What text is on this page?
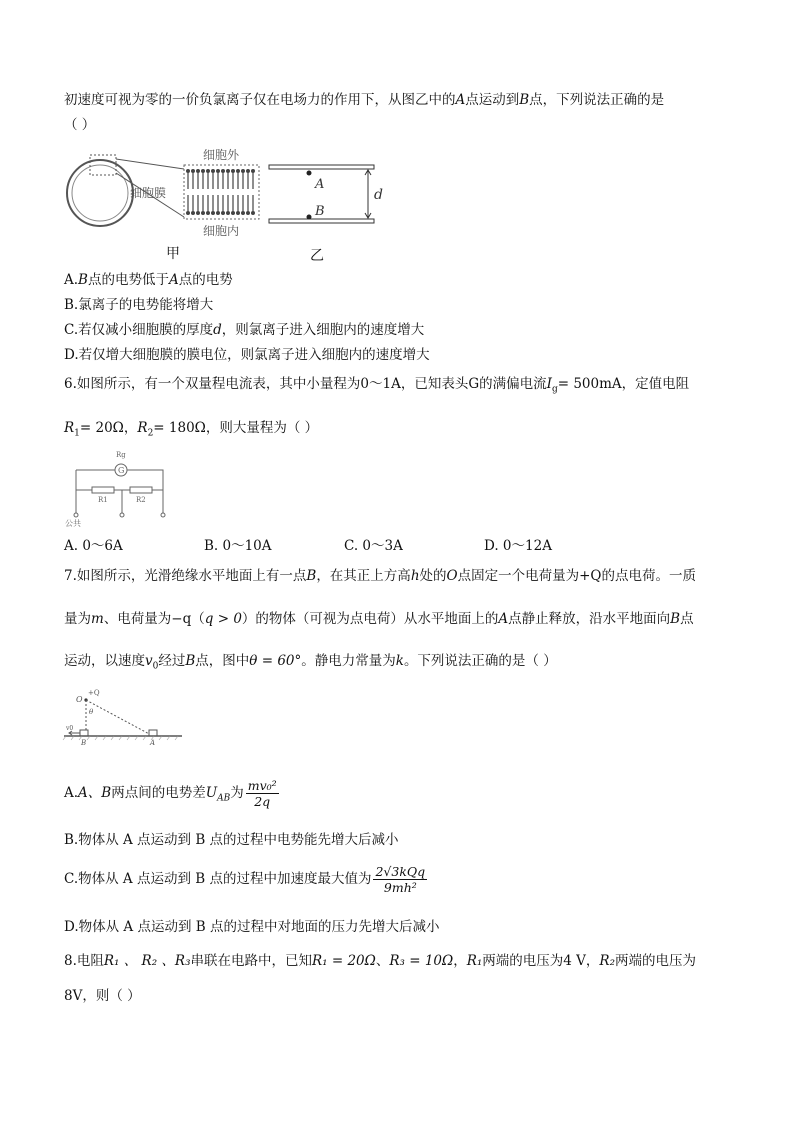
初速度可视为零的一价负氯离子仅在电场力的作用下，从图乙中的A点运动到B点，下列说法正确的是
（ ）
细胞膜
细胞外
细胞内
A
B
d
甲	乙
A.B点的电势低于A点的电势
B.氯离子的电势能将增大
C.若仅减小细胞膜的厚度d，则氯离子进入细胞内的速度增大
D.若仅增大细胞膜的膜电位，则氯离子进入细胞内的速度增大
6.如图所示，有一个双量程电流表，其中小量程为0～1A，已知表头G的满偏电流$I_g= 500mA$，定值电阻
$R_1= 20\Omega$，$R_2= 180\Omega$，则大量程为（ ）
Rg
G
R1	R2
公共
A. 0～6A	B. 0～10A	C. 0～3A	D. 0～12A
7.如图所示，光滑绝缘水平地面上有一点B，在其正上方高h处的O点固定一个电荷量为+Q的点电荷。一质
量为m、电荷量为−q（q > 0）的物体（可视为点电荷）从水平地面上的A点静止释放，沿水平地面向B点
运动，以速度$v_0$经过B点，图中θ = 60°。静电力常量为k。下列说法正确的是（ ）
O
+Q
θ
v0
B	A
A.A、B两点间的电势差$U_{AB}$为 $\frac{\text{mv₀²}}{2q}$
B.物体从 A 点运动到 B 点的过程中电势能先增大后减小
C.物体从 A 点运动到 B 点的过程中加速度最大值为 $\frac{\text{2√3kQq}}{\text{9mh²}}$
D.物体从 A 点运动到 B 点的过程中对地面的压力先增大后减小
8.电阻R₁ 、 R₂ 、R₃串联在电路中，已知R₁ = 20Ω、R₃ = 10Ω，R₁两端的电压为4 V，R₂两端的电压为
8V，则（ ）
